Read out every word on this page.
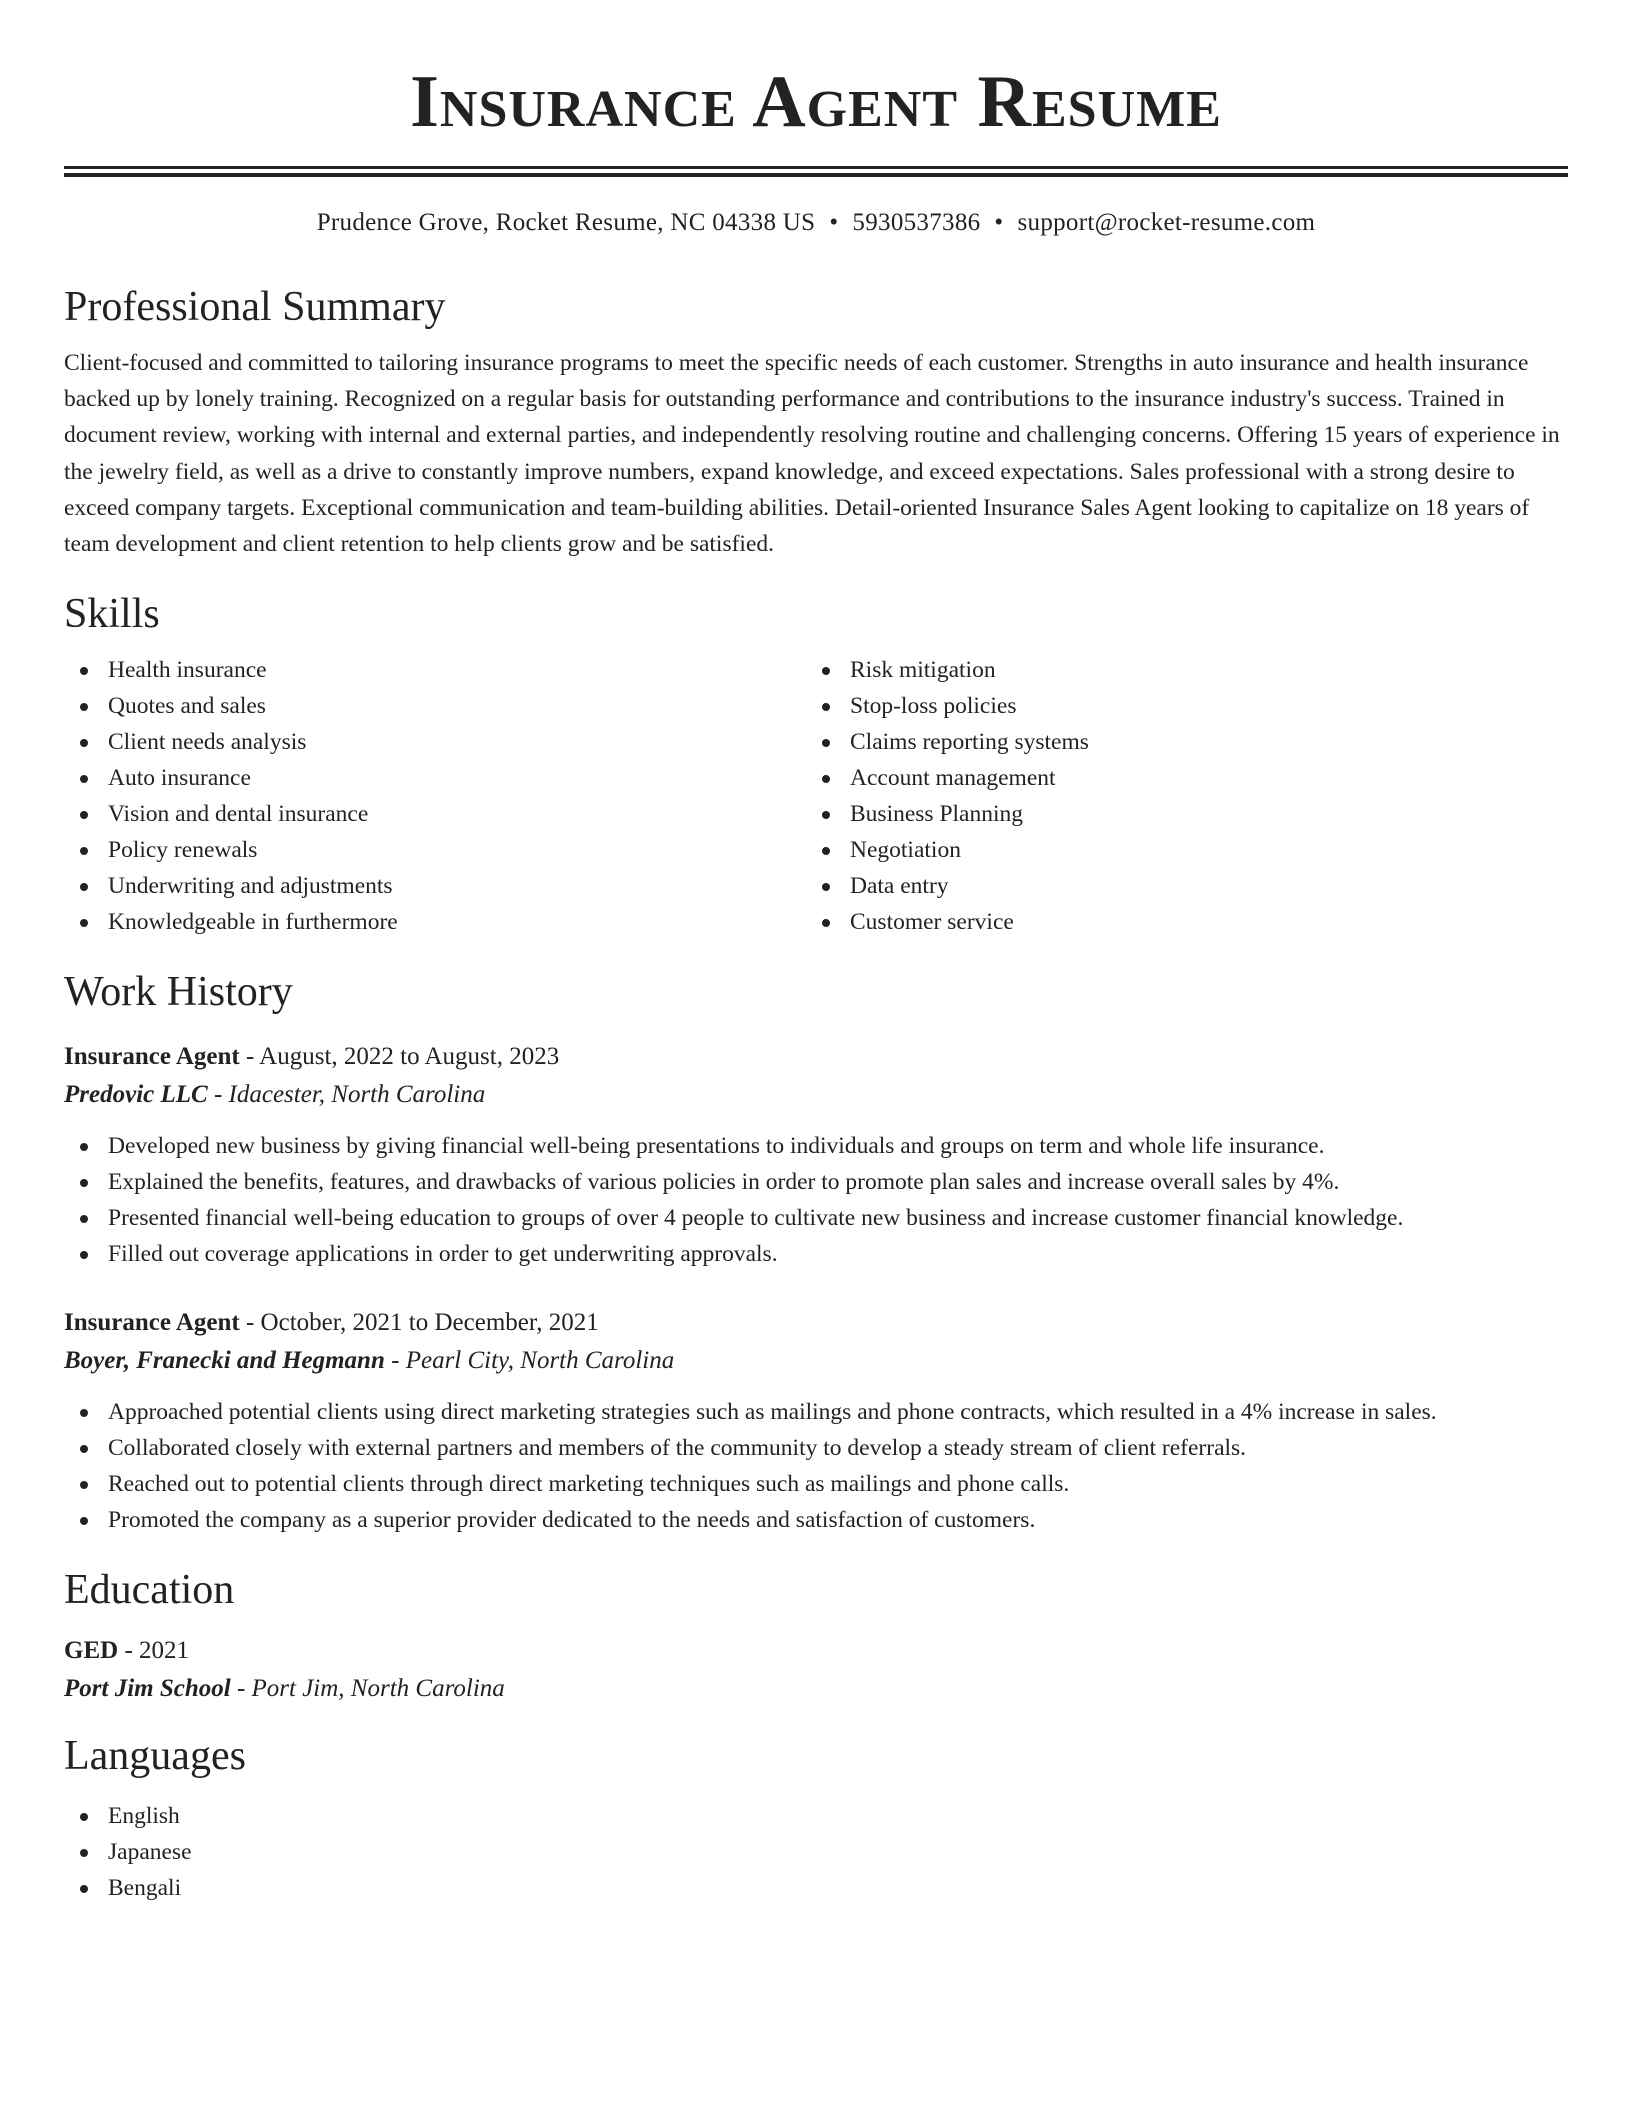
Insurance Agent Resume
Prudence Grove, Rocket Resume, NC 04338 US • 5930537386 • support@rocket-resume.com
Professional Summary

Client-focused and committed to tailoring insurance programs to meet the specific needs of each customer. Strengths in auto insurance and health insurance backed up by lonely training. Recognized on a regular basis for outstanding performance and contributions to the insurance industry's success. Trained in document review, working with internal and external parties, and independently resolving routine and challenging concerns. Offering 15 years of experience in the jewelry field, as well as a drive to constantly improve numbers, expand knowledge, and exceed expectations. Sales professional with a strong desire to exceed company targets. Exceptional communication and team-building abilities. Detail-oriented Insurance Sales Agent looking to capitalize on 18 years of team development and client retention to help clients grow and be satisfied.

Skills
Health insurance
Quotes and sales
Client needs analysis
Auto insurance
Vision and dental insurance
Policy renewals
Underwriting and adjustments
Knowledgeable in furthermore
Risk mitigation
Stop-loss policies
Claims reporting systems
Account management
Business Planning
Negotiation
Data entry
Customer service
Work History
Insurance Agent - August, 2022 to August, 2023
Predovic LLC - Idacester, North Carolina
Developed new business by giving financial well-being presentations to individuals and groups on term and whole life insurance.
Explained the benefits, features, and drawbacks of various policies in order to promote plan sales and increase overall sales by 4%.
Presented financial well-being education to groups of over 4 people to cultivate new business and increase customer financial knowledge.
Filled out coverage applications in order to get underwriting approvals.
Insurance Agent - October, 2021 to December, 2021
Boyer, Franecki and Hegmann - Pearl City, North Carolina
Approached potential clients using direct marketing strategies such as mailings and phone contracts, which resulted in a 4% increase in sales.
Collaborated closely with external partners and members of the community to develop a steady stream of client referrals.
Reached out to potential clients through direct marketing techniques such as mailings and phone calls.
Promoted the company as a superior provider dedicated to the needs and satisfaction of customers.
Education
GED - 2021
Port Jim School - Port Jim, North Carolina
Languages
English
Japanese
Bengali
